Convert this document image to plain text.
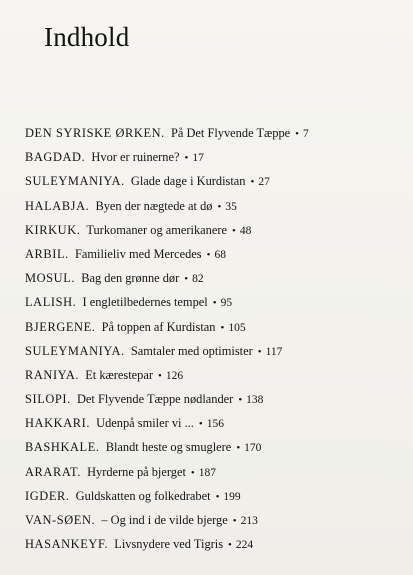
Indhold
DEN SYRISKE ØRKEN. På Det Flyvende Tæppe • 7
BAGDAD. Hvor er ruinerne? • 17
SULEYMANIYA. Glade dage i Kurdistan • 27
HALABJA. Byen der nægtede at dø • 35
KIRKUK. Turkomaner og amerikanere • 48
ARBIL. Familieliv med Mercedes • 68
MOSUL. Bag den grønne dør • 82
LALISH. I engletilbedernes tempel • 95
BJERGENE. På toppen af Kurdistan • 105
SULEYMANIYA. Samtaler med optimister • 117
RANIYA. Et kærestepar • 126
SILOPI. Det Flyvende Tæppe nødlander • 138
HAKKARI. Udenpå smiler vi ... • 156
BASHKALE. Blandt heste og smuglere • 170
ARARAT. Hyrderne på bjerget • 187
IGDER. Guldskatten og folkedrabet • 199
VAN-SØEN. – Og ind i de vilde bjerge • 213
HASANKEYF. Livsnydere ved Tigris • 224
